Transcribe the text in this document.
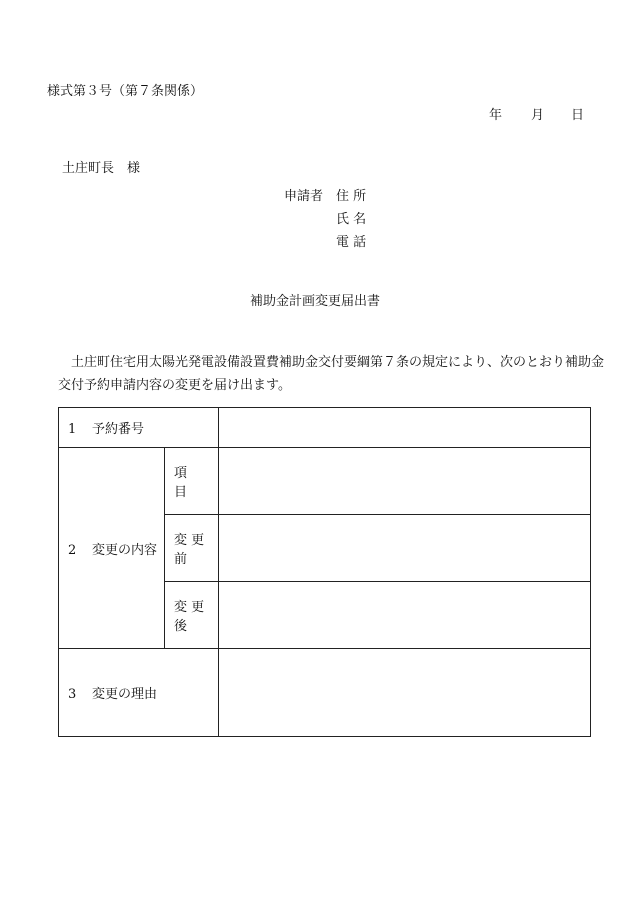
様式第３号（第７条関係）
年 月 日
土庄町長　様
申請者 住 所
氏 名
電 話
補助金計画変更届出書
土庄町住宅用太陽光発電設備設置費補助金交付要綱第７条の規定により、次のとおり補助金交付予約申請内容の変更を届け出ます。
1 予約番号		
2 変更の内容	項　　目	
	変 更 前	
	変 更 後	
3 変更の理由		
